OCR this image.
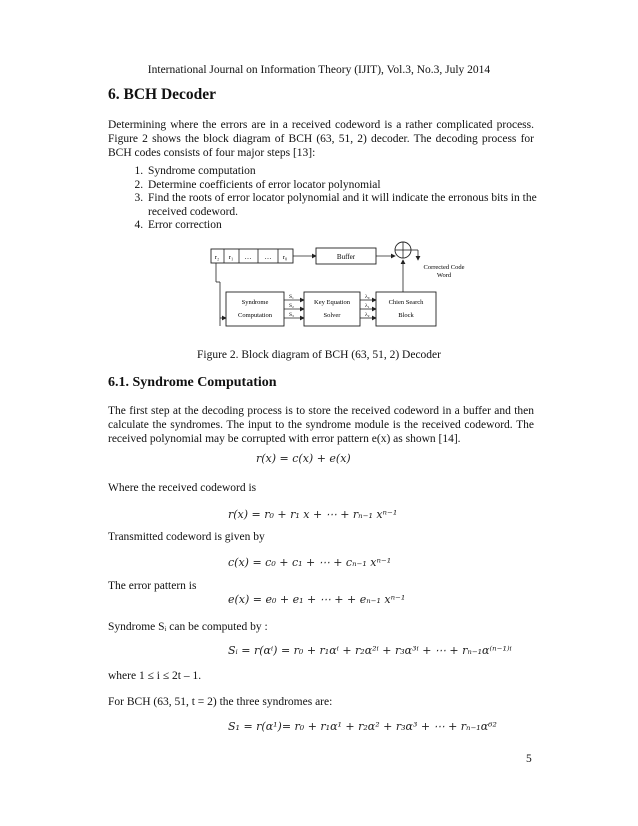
International Journal on Information Theory (IJIT), Vol.3, No.3, July 2014
6. BCH Decoder
Determining where the errors are in a received codeword is a rather complicated process. Figure 2 shows the block diagram of BCH (63, 51, 2) decoder. The decoding process for BCH codes consists of four major steps [13]:
1. Syndrome computation
2. Determine coefficients of error locator polynomial
3. Find the roots of error locator polynomial and it will indicate the erronous bits in the received codeword.
4. Error correction
r₂ r₁ … … r₀	Buffer
Corrected Code
Word
Syndrome
Computation
S₁
S₂
S₃
Key Equation
Solver
λ₀
λ₁
λ₂
Chien Search
Block
Figure 2. Block diagram of BCH (63, 51, 2) Decoder
6.1. Syndrome Computation
The first step at the decoding process is to store the received codeword in a buffer and then calculate the syndromes. The input to the syndrome module is the received codeword. The received polynomial may be corrupted with error pattern e(x) as shown [14].
r(x) = c(x) + e(x)
Where the received codeword is
r(x) = r₀ + r₁ x + ⋯ + rₙ₋₁ xⁿ⁻¹
Transmitted codeword is given by
c(x) = c₀ + c₁ + ⋯ + cₙ₋₁ xⁿ⁻¹
The error pattern is
e(x) = e₀ + e₁ + ⋯ + + eₙ₋₁ xⁿ⁻¹
Syndrome Sᵢ can be computed by :
Sᵢ = r(αⁱ) = r₀ + r₁αⁱ + r₂α²ⁱ + r₃α³ⁱ + ⋯ + rₙ₋₁α⁽ⁿ⁻¹⁾ⁱ
where 1 ≤ i ≤ 2t – 1.
For BCH (63, 51, t = 2) the three syndromes are:
S₁ = r(α¹)= r₀ + r₁α¹ + r₂α² + r₃α³ + ⋯ + rₙ₋₁α⁶²
5
